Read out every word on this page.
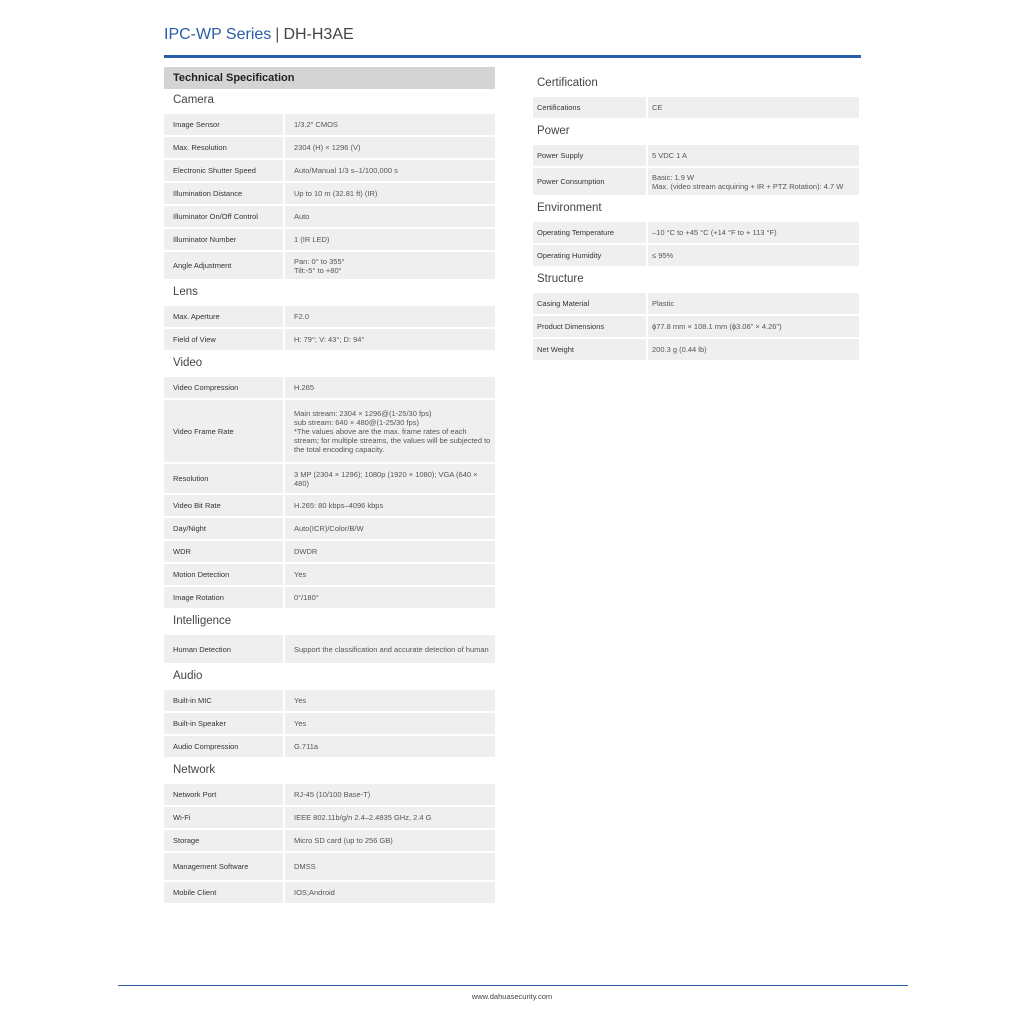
IPC-WP Series | DH-H3AE
Technical Specification
Camera
Image Sensor	1/3.2" CMOS
Max. Resolution	2304 (H) × 1296 (V)
Electronic Shutter Speed	Auto/Manual 1/3 s–1/100,000 s
Illumination Distance	Up to 10 m (32.81 ft) (IR)
Illuminator On/Off Control	Auto
Illuminator Number	1 (IR LED)
Angle Adjustment	Pan: 0° to 355°
Tilt:-5° to +80°
Lens
Max. Aperture	F2.0
Field of View	H: 79°; V: 43°; D: 94°
Video
Video Compression	H.265
Video Frame Rate	Main stream: 2304 × 1296@(1-25/30 fps)
sub stream: 640 × 480@(1-25/30 fps)
*The values above are the max. frame rates of each stream; for multiple streams, the values will be subjected to the total encoding capacity.
Resolution	3 MP (2304 × 1296); 1080p (1920 × 1080); VGA (640 × 480)
Video Bit Rate	H.265: 80 kbps–4096 kbps
Day/Night	Auto(ICR)/Color/B/W
WDR	DWDR
Motion Detection	Yes
Image Rotation	0°/180°
Intelligence
Human Detection	Support the classification and accurate detection of human
Audio
Built-in MIC	Yes
Built-in Speaker	Yes
Audio Compression	G.711a
Network
Network Port	RJ-45 (10/100 Base-T)
Wi-Fi	IEEE 802.11b/g/n 2.4–2.4835 GHz, 2.4 G
Storage	Micro SD card (up to 256 GB)
Management Software	DMSS
Mobile Client	IOS;Android
Certification
Certifications	CE
Power
Power Supply	5 VDC 1 A
Power Consumption	Basic: 1.9 W
Max. (video stream acquiring + IR + PTZ Rotation): 4.7 W
Environment
Operating Temperature	–10 °C to +45 °C (+14 °F to + 113 °F)
Operating Humidity	≤ 95%
Structure
Casing Material	Plastic
Product Dimensions	ϕ77.8 mm × 108.1 mm (ϕ3.06" × 4.26")
Net Weight	200.3 g (0.44 lb)
www.dahuasecurity.com
